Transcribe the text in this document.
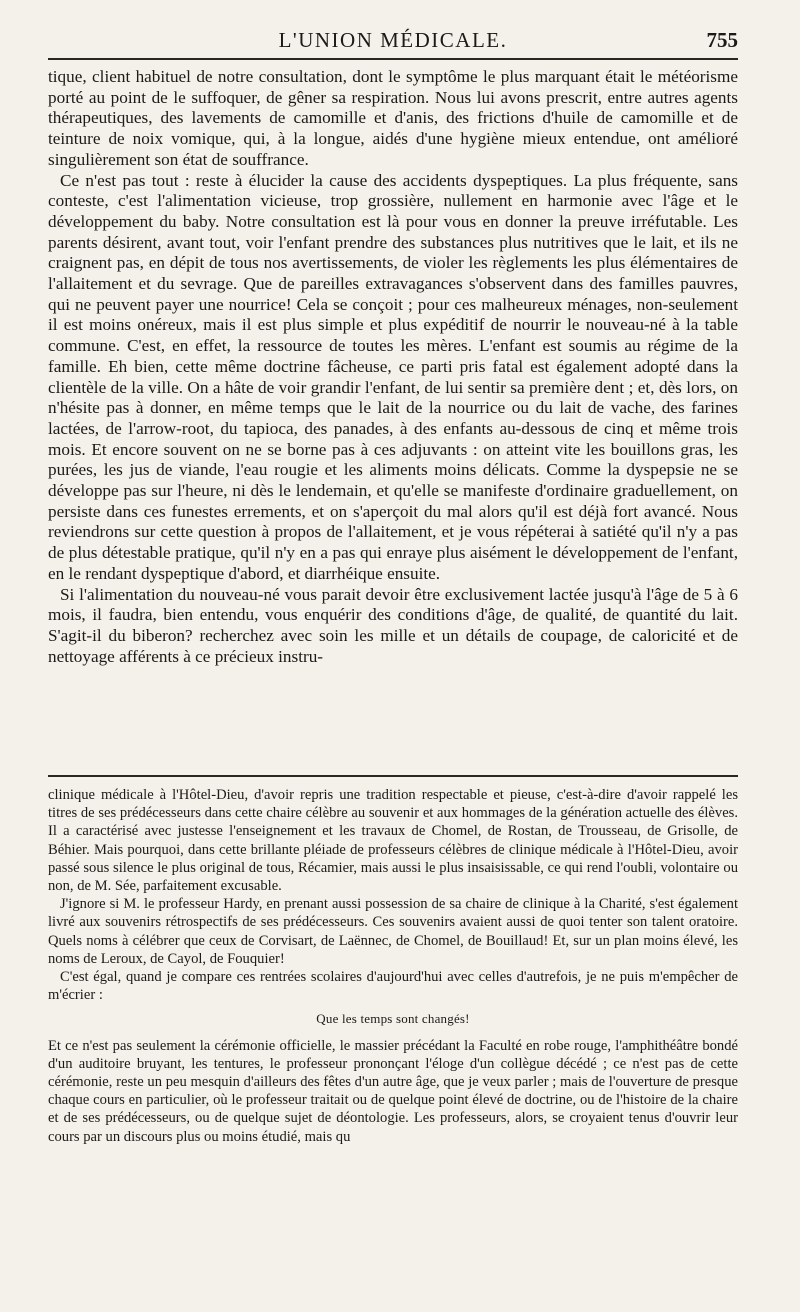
L'UNION MÉDICALE.	755

tique, client habituel de notre consultation, dont le symptôme le plus marquant était le météorisme porté au point de le suffoquer, de gêner sa respiration. Nous lui avons prescrit, entre autres agents thérapeutiques, des lavements de camomille et d'anis, des frictions d'huile de camomille et de teinture de noix vomique, qui, à la longue, aidés d'une hygiène mieux entendue, ont amélioré singulièrement son état de souffrance.

Ce n'est pas tout : reste à élucider la cause des accidents dyspeptiques. La plus fréquente, sans conteste, c'est l'alimentation vicieuse, trop grossière, nullement en harmonie avec l'âge et le développement du baby. Notre consultation est là pour vous en donner la preuve irréfutable. Les parents désirent, avant tout, voir l'enfant prendre des substances plus nutritives que le lait, et ils ne craignent pas, en dépit de tous nos avertissements, de violer les règlements les plus élémentaires de l'allaitement et du sevrage. Que de pareilles extravagances s'observent dans des familles pauvres, qui ne peuvent payer une nourrice! Cela se conçoit ; pour ces malheureux ménages, non-seulement il est moins onéreux, mais il est plus simple et plus expéditif de nourrir le nouveau-né à la table commune. C'est, en effet, la ressource de toutes les mères. L'enfant est soumis au régime de la famille. Eh bien, cette même doctrine fâcheuse, ce parti pris fatal est également adopté dans la clientèle de la ville. On a hâte de voir grandir l'enfant, de lui sentir sa première dent ; et, dès lors, on n'hésite pas à donner, en même temps que le lait de la nourrice ou du lait de vache, des farines lactées, de l'arrow-root, du tapioca, des panades, à des enfants au-dessous de cinq et même trois mois. Et encore souvent on ne se borne pas à ces adjuvants : on atteint vite les bouillons gras, les purées, les jus de viande, l'eau rougie et les aliments moins délicats. Comme la dyspepsie ne se développe pas sur l'heure, ni dès le lendemain, et qu'elle se manifeste d'ordinaire graduellement, on persiste dans ces funestes errements, et on s'aperçoit du mal alors qu'il est déjà fort avancé. Nous reviendrons sur cette question à propos de l'allaitement, et je vous répéterai à satiété qu'il n'y a pas de plus détestable pratique, qu'il n'y en a pas qui enraye plus aisément le développement de l'enfant, en le rendant dyspeptique d'abord, et diarrhéique ensuite.

Si l'alimentation du nouveau-né vous parait devoir être exclusivement lactée jusqu'à l'âge de 5 à 6 mois, il faudra, bien entendu, vous enquérir des conditions d'âge, de qualité, de quantité du lait. S'agit-il du biberon? recherchez avec soin les mille et un détails de coupage, de caloricité et de nettoyage afférents à ce précieux instru-

clinique médicale à l'Hôtel-Dieu, d'avoir repris une tradition respectable et pieuse, c'est-à-dire d'avoir rappelé les titres de ses prédécesseurs dans cette chaire célèbre au souvenir et aux hommages de la génération actuelle des élèves. Il a caractérisé avec justesse l'enseignement et les travaux de Chomel, de Rostan, de Trousseau, de Grisolle, de Béhier. Mais pourquoi, dans cette brillante pléiade de professeurs célèbres de clinique médicale à l'Hôtel-Dieu, avoir passé sous silence le plus original de tous, Récamier, mais aussi le plus insaisissable, ce qui rend l'oubli, volontaire ou non, de M. Sée, parfaitement excusable.

J'ignore si M. le professeur Hardy, en prenant aussi possession de sa chaire de clinique à la Charité, s'est également livré aux souvenirs rétrospectifs de ses prédécesseurs. Ces souvenirs avaient aussi de quoi tenter son talent oratoire. Quels noms à célébrer que ceux de Corvisart, de Laënnec, de Chomel, de Bouillaud! Et, sur un plan moins élevé, les noms de Leroux, de Cayol, de Fouquier!

C'est égal, quand je compare ces rentrées scolaires d'aujourd'hui avec celles d'autrefois, je ne puis m'empêcher de m'écrier :

Que les temps sont changés!

Et ce n'est pas seulement la cérémonie officielle, le massier précédant la Faculté en robe rouge, l'amphithéâtre bondé d'un auditoire bruyant, les tentures, le professeur prononçant l'éloge d'un collègue décédé ; ce n'est pas de cette cérémonie, reste un peu mesquin d'ailleurs des fêtes d'un autre âge, que je veux parler ; mais de l'ouverture de presque chaque cours en particulier, où le professeur traitait ou de quelque point élevé de doctrine, ou de l'histoire de la chaire et de ses prédécesseurs, ou de quelque sujet de déontologie. Les professeurs, alors, se croyaient tenus d'ouvrir leur cours par un discours plus ou moins étudié, mais qu
